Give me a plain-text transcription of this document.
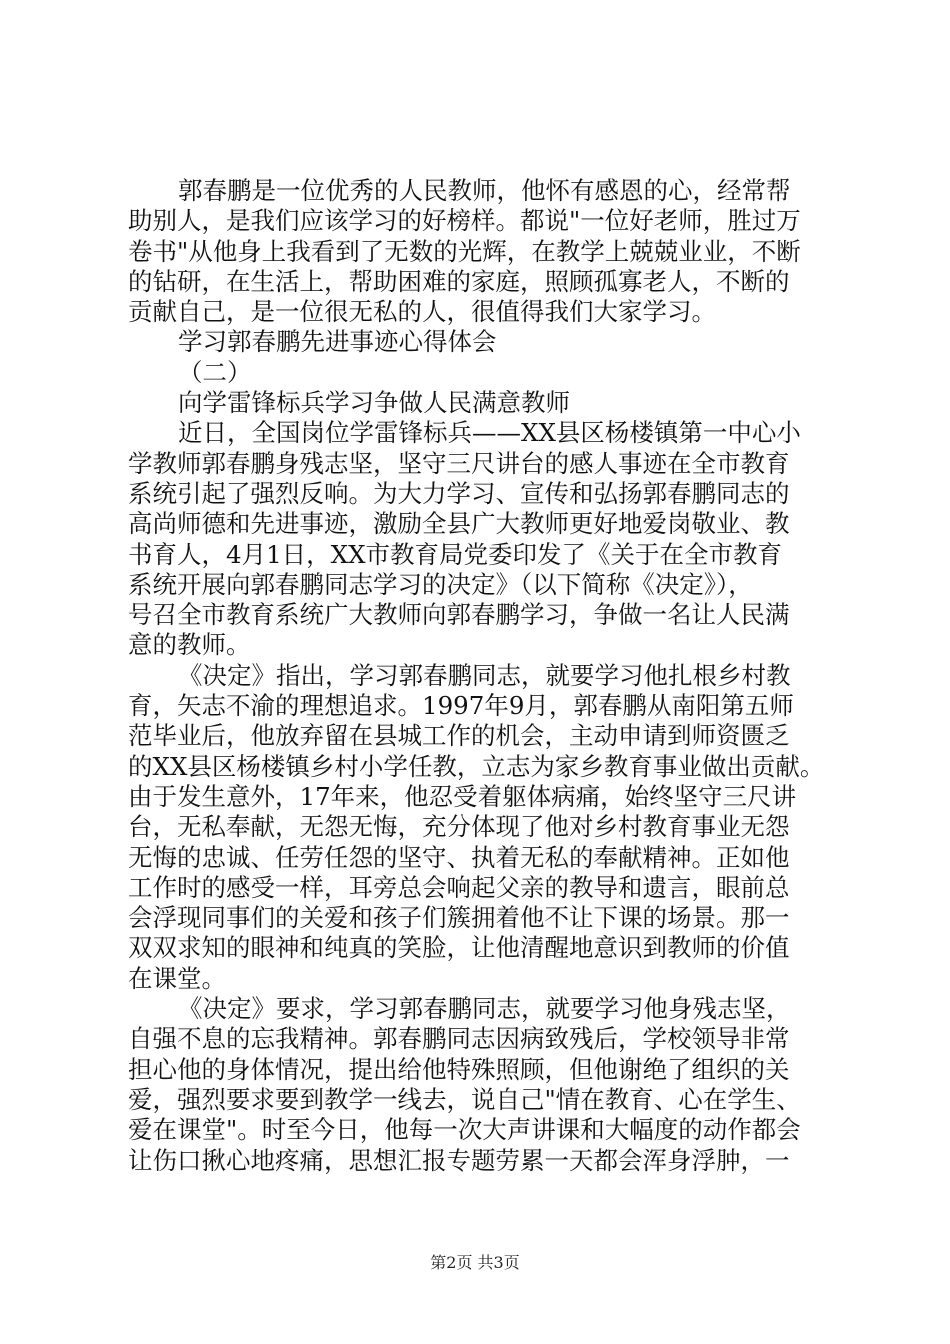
郭春鹏是一位优秀的人民教师，他怀有感恩的心，经常帮
助别人，是我们应该学习的好榜样。都说"一位好老师，胜过万
卷书"从他身上我看到了无数的光辉，在教学上兢兢业业，不断
的钻研，在生活上，帮助困难的家庭，照顾孤寡老人，不断的
贡献自己，是一位很无私的人，很值得我们大家学习。
学习郭春鹏先进事迹心得体会
（二）
向学雷锋标兵学习争做人民满意教师
近日，全国岗位学雷锋标兵——XX县区杨楼镇第一中心小
学教师郭春鹏身残志坚，坚守三尺讲台的感人事迹在全市教育
系统引起了强烈反响。为大力学习、宣传和弘扬郭春鹏同志的
高尚师德和先进事迹，激励全县广大教师更好地爱岗敬业、教
书育人，4月1日，XX市教育局党委印发了《关于在全市教育
系统开展向郭春鹏同志学习的决定》（以下简称《决定》），
号召全市教育系统广大教师向郭春鹏学习，争做一名让人民满
意的教师。
《决定》指出，学习郭春鹏同志，就要学习他扎根乡村教
育，矢志不渝的理想追求。1997年9月，郭春鹏从南阳第五师
范毕业后，他放弃留在县城工作的机会，主动申请到师资匮乏
的XX县区杨楼镇乡村小学任教，立志为家乡教育事业做出贡献。
由于发生意外，17年来，他忍受着躯体病痛，始终坚守三尺讲
台，无私奉献，无怨无悔，充分体现了他对乡村教育事业无怨
无悔的忠诚、任劳任怨的坚守、执着无私的奉献精神。正如他
工作时的感受一样，耳旁总会响起父亲的教导和遗言，眼前总
会浮现同事们的关爱和孩子们簇拥着他不让下课的场景。那一
双双求知的眼神和纯真的笑脸，让他清醒地意识到教师的价值
在课堂。
《决定》要求，学习郭春鹏同志，就要学习他身残志坚，
自强不息的忘我精神。郭春鹏同志因病致残后，学校领导非常
担心他的身体情况，提出给他特殊照顾，但他谢绝了组织的关
爱，强烈要求要到教学一线去，说自己"情在教育、心在学生、
爱在课堂"。时至今日，他每一次大声讲课和大幅度的动作都会
让伤口揪心地疼痛，思想汇报专题劳累一天都会浑身浮肿，一
第2页 共3页
